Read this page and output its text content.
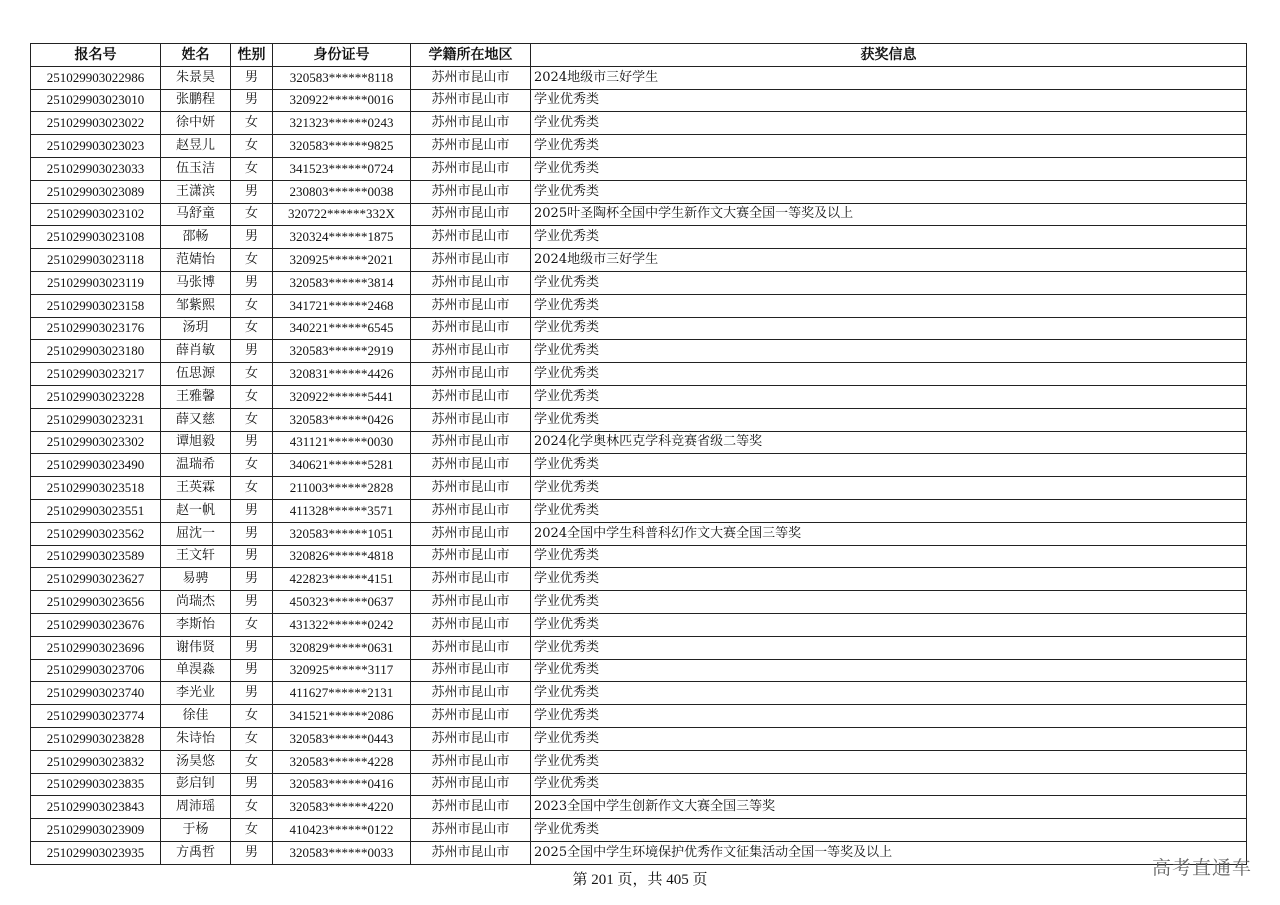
报名号	姓名	性别	身份证号	学籍所在地区	获奖信息
251029903022986	朱景昊	男	320583******8118	苏州市昆山市	2024地级市三好学生
251029903023010	张鹏程	男	320922******0016	苏州市昆山市	学业优秀类
251029903023022	徐中妍	女	321323******0243	苏州市昆山市	学业优秀类
251029903023023	赵昱儿	女	320583******9825	苏州市昆山市	学业优秀类
251029903023033	伍玉洁	女	341523******0724	苏州市昆山市	学业优秀类
251029903023089	王潇滨	男	230803******0038	苏州市昆山市	学业优秀类
251029903023102	马舒童	女	320722******332X	苏州市昆山市	2025叶圣陶杯全国中学生新作文大赛全国一等奖及以上
251029903023108	邵畅	男	320324******1875	苏州市昆山市	学业优秀类
251029903023118	范婧怡	女	320925******2021	苏州市昆山市	2024地级市三好学生
251029903023119	马张博	男	320583******3814	苏州市昆山市	学业优秀类
251029903023158	邹紫熙	女	341721******2468	苏州市昆山市	学业优秀类
251029903023176	汤玥	女	340221******6545	苏州市昆山市	学业优秀类
251029903023180	薛肖敏	男	320583******2919	苏州市昆山市	学业优秀类
251029903023217	伍思源	女	320831******4426	苏州市昆山市	学业优秀类
251029903023228	王雅馨	女	320922******5441	苏州市昆山市	学业优秀类
251029903023231	薛又慈	女	320583******0426	苏州市昆山市	学业优秀类
251029903023302	谭旭毅	男	431121******0030	苏州市昆山市	2024化学奥林匹克学科竞赛省级二等奖
251029903023490	温瑞希	女	340621******5281	苏州市昆山市	学业优秀类
251029903023518	王英霖	女	211003******2828	苏州市昆山市	学业优秀类
251029903023551	赵一帆	男	411328******3571	苏州市昆山市	学业优秀类
251029903023562	屈沈一	男	320583******1051	苏州市昆山市	2024全国中学生科普科幻作文大赛全国三等奖
251029903023589	王文轩	男	320826******4818	苏州市昆山市	学业优秀类
251029903023627	易骋	男	422823******4151	苏州市昆山市	学业优秀类
251029903023656	尚瑞杰	男	450323******0637	苏州市昆山市	学业优秀类
251029903023676	李斯怡	女	431322******0242	苏州市昆山市	学业优秀类
251029903023696	谢伟贤	男	320829******0631	苏州市昆山市	学业优秀类
251029903023706	单淏淼	男	320925******3117	苏州市昆山市	学业优秀类
251029903023740	李光业	男	411627******2131	苏州市昆山市	学业优秀类
251029903023774	徐佳	女	341521******2086	苏州市昆山市	学业优秀类
251029903023828	朱诗怡	女	320583******0443	苏州市昆山市	学业优秀类
251029903023832	汤昊悠	女	320583******4228	苏州市昆山市	学业优秀类
251029903023835	彭启钊	男	320583******0416	苏州市昆山市	学业优秀类
251029903023843	周沛瑶	女	320583******4220	苏州市昆山市	2023全国中学生创新作文大赛全国三等奖
251029903023909	于杨	女	410423******0122	苏州市昆山市	学业优秀类
251029903023935	方禹哲	男	320583******0033	苏州市昆山市	2025全国中学生环境保护优秀作文征集活动全国一等奖及以上
第 201 页，共 405 页
高考直通车
